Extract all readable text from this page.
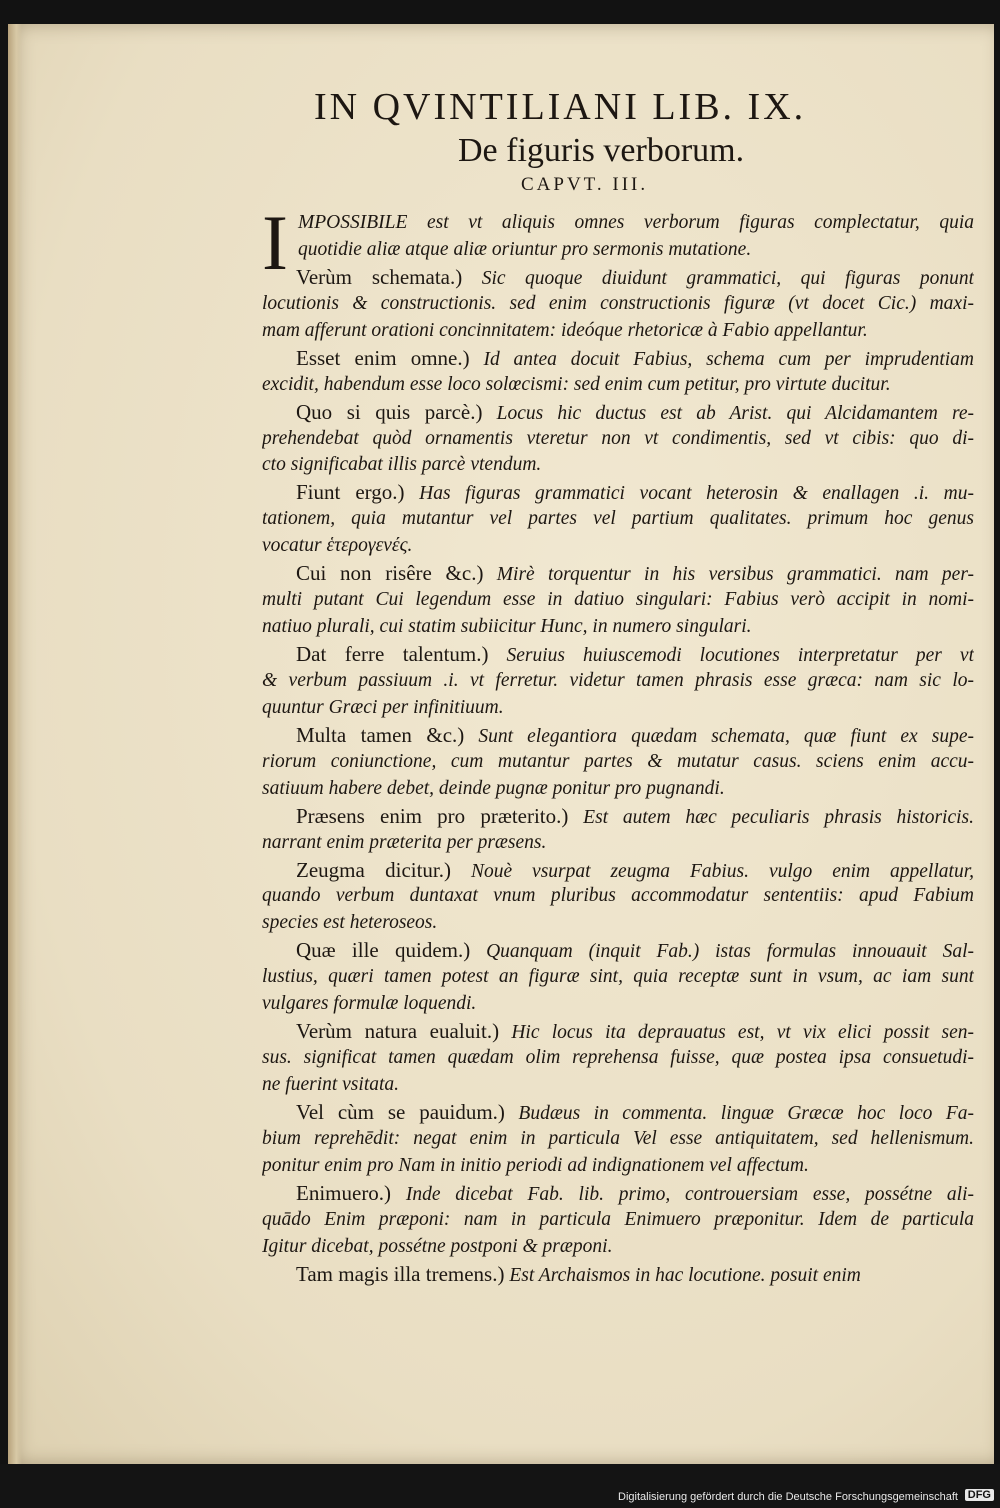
IN QVINTILIANI LIB. IX.
De figuris verborum.
CAPVT. III.
I MPOSSIBILE est vt aliquis omnes verborum figuras complectatur, quia
quotidie aliæ atque aliæ oriuntur pro sermonis mutatione.
Verùm schemata.) Sic quoque diuidunt grammatici, qui figuras ponunt
locutionis & constructionis. sed enim constructionis figuræ (vt docet Cic.) maxi-
mam afferunt orationi concinnitatem: ideóque rhetoricæ à Fabio appellantur.
Esset enim omne.) Id antea docuit Fabius, schema cum per imprudentiam
excidit, habendum esse loco solœcismi: sed enim cum petitur, pro virtute ducitur.
Quo si quis parcè.) Locus hic ductus est ab Arist. qui Alcidamantem re-
prehendebat quòd ornamentis vteretur non vt condimentis, sed vt cibis: quo di-
cto significabat illis parcè vtendum.
Fiunt ergo.) Has figuras grammatici vocant heterosin & enallagen .i. mu-
tationem, quia mutantur vel partes vel partium qualitates. primum hoc genus
vocatur ἑτερογενές.
Cui non risêre &c.) Mirè torquentur in his versibus grammatici. nam per-
multi putant Cui legendum esse in datiuo singulari: Fabius verò accipit in nomi-
natiuo plurali, cui statim subiicitur Hunc, in numero singulari.
Dat ferre talentum.) Seruius huiuscemodi locutiones interpretatur per vt
& verbum passiuum .i. vt ferretur. videtur tamen phrasis esse græca: nam sic lo-
quuntur Græci per infinitiuum.
Multa tamen &c.) Sunt elegantiora quædam schemata, quæ fiunt ex supe-
riorum coniunctione, cum mutantur partes & mutatur casus. sciens enim accu-
satiuum habere debet, deinde pugnæ ponitur pro pugnandi.
Præsens enim pro præterito.) Est autem hæc peculiaris phrasis historicis.
narrant enim præterita per præsens.
Zeugma dicitur.) Nouè vsurpat zeugma Fabius. vulgo enim appellatur,
quando verbum duntaxat vnum pluribus accommodatur sententiis: apud Fabium
species est heteroseos.
Quæ ille quidem.) Quanquam (inquit Fab.) istas formulas innouauit Sal-
lustius, quæri tamen potest an figuræ sint, quia receptæ sunt in vsum, ac iam sunt
vulgares formulæ loquendi.
Verùm natura eualuit.) Hic locus ita deprauatus est, vt vix elici possit sen-
sus. significat tamen quædam olim reprehensa fuisse, quæ postea ipsa consuetudi-
ne fuerint vsitata.
Vel cùm se pauidum.) Budæus in commenta. linguæ Græcæ hoc loco Fa-
bium reprehēdit: negat enim in particula Vel esse antiquitatem, sed hellenismum.
ponitur enim pro Nam in initio periodi ad indignationem vel affectum.
Enimuero.) Inde dicebat Fab. lib. primo, controuersiam esse, possétne ali-
quādo Enim præponi: nam in particula Enimuero præponitur. Idem de particula
Igitur dicebat, possétne postponi & præponi.
Tam magis illa tremens.) Est Archaismos in hac locutione. posuit enim
Digitalisierung gefördert durch die Deutsche Forschungsgemeinschaft DFG
